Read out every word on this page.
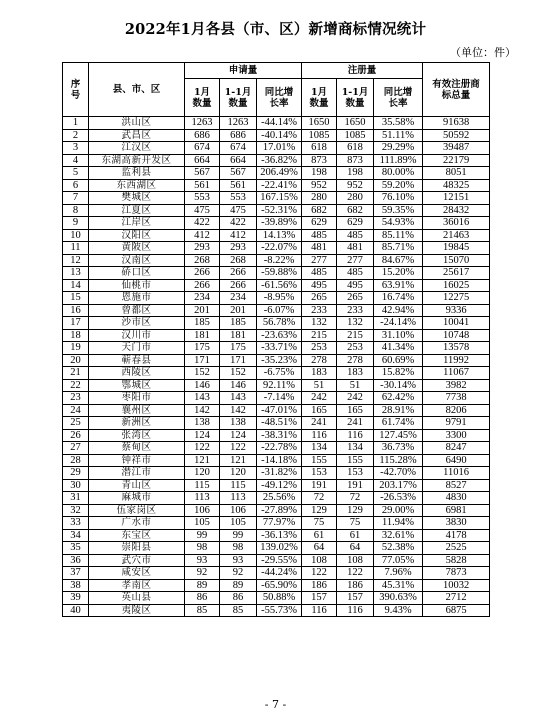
2022年1月各县（市、区）新增商标情况统计
（单位：件）
序号	县、市、区	申请量			注册量			有效注册商标总量
		1月数量	1-1月数量	同比增长率	1月数量	1-1月数量	同比增长率	
1	洪山区	1263	1263	-44.14%	1650	1650	35.58%	91638
2	武昌区	686	686	-40.14%	1085	1085	51.11%	50592
3	江汉区	674	674	17.01%	618	618	29.29%	39487
4	东湖高新开发区	664	664	-36.82%	873	873	111.89%	22179
5	监利县	567	567	206.49%	198	198	80.00%	8051
6	东西湖区	561	561	-22.41%	952	952	59.20%	48325
7	樊城区	553	553	167.15%	280	280	76.10%	12151
8	江夏区	475	475	-52.31%	682	682	59.35%	28432
9	江岸区	422	422	-39.89%	629	629	54.93%	36016
10	汉阳区	412	412	14.13%	485	485	85.11%	21463
11	黄陂区	293	293	-22.07%	481	481	85.71%	19845
12	汉南区	268	268	-8.22%	277	277	84.67%	15070
13	硚口区	266	266	-59.88%	485	485	15.20%	25617
14	仙桃市	266	266	-61.56%	495	495	63.91%	16025
15	恩施市	234	234	-8.95%	265	265	16.74%	12275
16	曾都区	201	201	-6.07%	233	233	42.94%	9336
17	沙市区	185	185	56.78%	132	132	-24.14%	10041
18	汉川市	181	181	-23.63%	215	215	31.10%	10748
19	天门市	175	175	-33.71%	253	253	41.34%	13578
20	蕲春县	171	171	-35.23%	278	278	60.69%	11992
21	西陵区	152	152	-6.75%	183	183	15.82%	11067
22	鄂城区	146	146	92.11%	51	51	-30.14%	3982
23	枣阳市	143	143	-7.14%	242	242	62.42%	7738
24	襄州区	142	142	-47.01%	165	165	28.91%	8206
25	新洲区	138	138	-48.51%	241	241	61.74%	9791
26	张湾区	124	124	-38.31%	116	116	127.45%	3300
27	蔡甸区	122	122	-22.78%	134	134	36.73%	8247
28	钟祥市	121	121	-14.18%	155	155	115.28%	6490
29	潜江市	120	120	-31.82%	153	153	-42.70%	11016
30	青山区	115	115	-49.12%	191	191	203.17%	8527
31	麻城市	113	113	25.56%	72	72	-26.53%	4830
32	伍家岗区	106	106	-27.89%	129	129	29.00%	6981
33	广水市	105	105	77.97%	75	75	11.94%	3830
34	东宝区	99	99	-36.13%	61	61	32.61%	4178
35	崇阳县	98	98	139.02%	64	64	52.38%	2525
36	武穴市	93	93	-29.55%	108	108	77.05%	5828
37	咸安区	92	92	-44.24%	122	122	7.96%	7873
38	孝南区	89	89	-65.90%	186	186	45.31%	10032
39	英山县	86	86	50.88%	157	157	390.63%	2712
40	夷陵区	85	85	-55.73%	116	116	9.43%	6875
- 7 -
